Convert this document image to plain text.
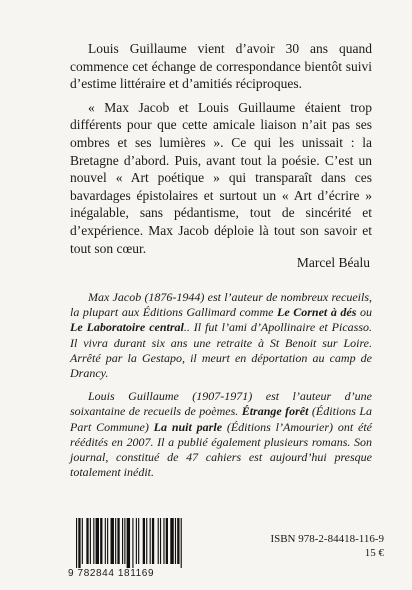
Louis Guillaume vient d’avoir 30 ans quand commence cet échange de correspondance bientôt suivi d’estime littéraire et d’amitiés réciproques.

« Max Jacob et Louis Guillaume étaient trop différents pour que cette amicale liaison n’ait pas ses ombres et ses lumières ». Ce qui les unissait : la Bretagne d’abord. Puis, avant tout la poésie. C’est un nouvel « Art poétique » qui transparaît dans ces bavardages épistolaires et surtout un « Art d’écrire » inégalable, sans pédantisme, tout de sincérité et d’expérience. Max Jacob déploie là tout son savoir et tout son cœur.

Marcel Béalu

Max Jacob (1876-1944) est l’auteur de nombreux recueils, la plupart aux Éditions Gallimard comme Le Cornet à dés ou Le Laboratoire central.. Il fut l’ami d’Apollinaire et Picasso. Il vivra durant six ans une retraite à St Benoit sur Loire. Arrêté par la Gestapo, il meurt en déportation au camp de Drancy.

Louis Guillaume (1907-1971) est l’auteur d’une soixantaine de recueils de poèmes. Étrange forêt (Éditions La Part Commune) La nuit parle (Éditions l’Amourier) ont été réédités en 2007. Il a publié également plusieurs romans. Son journal, constitué de 47 cahiers est aujourd’hui presque totalement inédit.

9 782844 181169
ISBN 978-2-84418-116-9
15 €
